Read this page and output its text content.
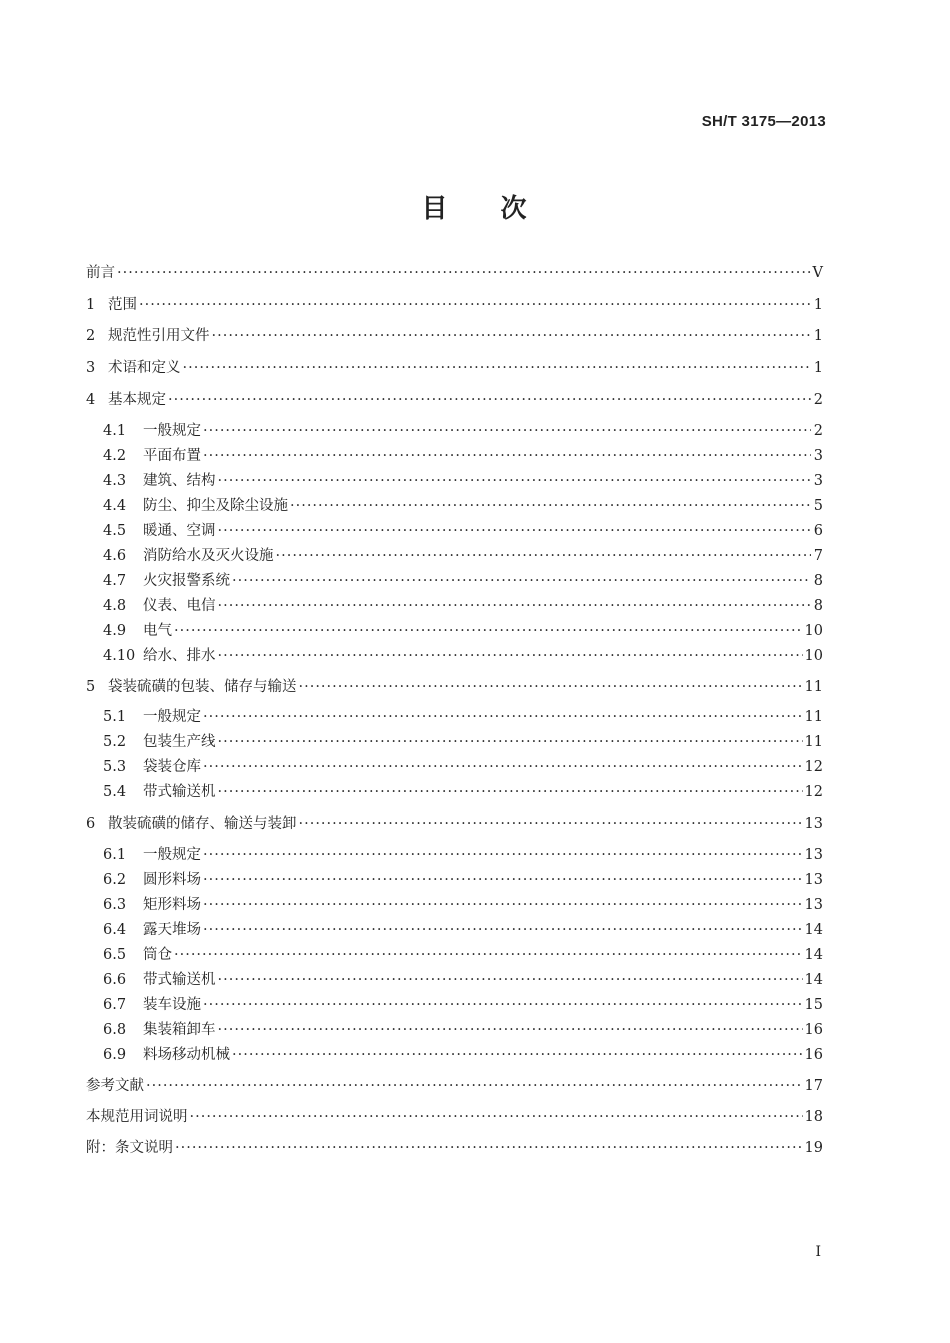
SH/T 3175—2013
目 次
前言 ·····	V
1 范围 ·····	1
2 规范性引用文件 ·····	1
3 术语和定义 ·····	1
4 基本规定 ·····	2
4.1	一般规定 ·····	2
4.2	平面布置 ·····	3
4.3	建筑、结构 ·····	3
4.4	防尘、抑尘及除尘设施 ·····	5
4.5	暖通、空调 ·····	6
4.6	消防给水及灭火设施 ·····	7
4.7	火灾报警系统 ·····	8
4.8	仪表、电信 ·····	8
4.9	电气 ·····	10
4.10 给水、排水 ·····	10
5 袋装硫磺的包装、储存与输送 ·····	11
5.1	一般规定 ·····	11
5.2	包装生产线 ·····	11
5.3	袋装仓库 ·····	12
5.4	带式输送机 ·····	12
6 散装硫磺的储存、输送与装卸 ·····	13
6.1	一般规定 ·····	13
6.2	圆形料场 ·····	13
6.3	矩形料场 ·····	13
6.4	露天堆场 ·····	14
6.5	筒仓 ·····	14
6.6	带式输送机 ·····	14
6.7	装车设施 ·····	15
6.8	集装箱卸车 ·····	16
6.9	料场移动机械 ·····	16
参考文献 ·····	17
本规范用词说明 ·····	18
附：条文说明 ·····	19
I
